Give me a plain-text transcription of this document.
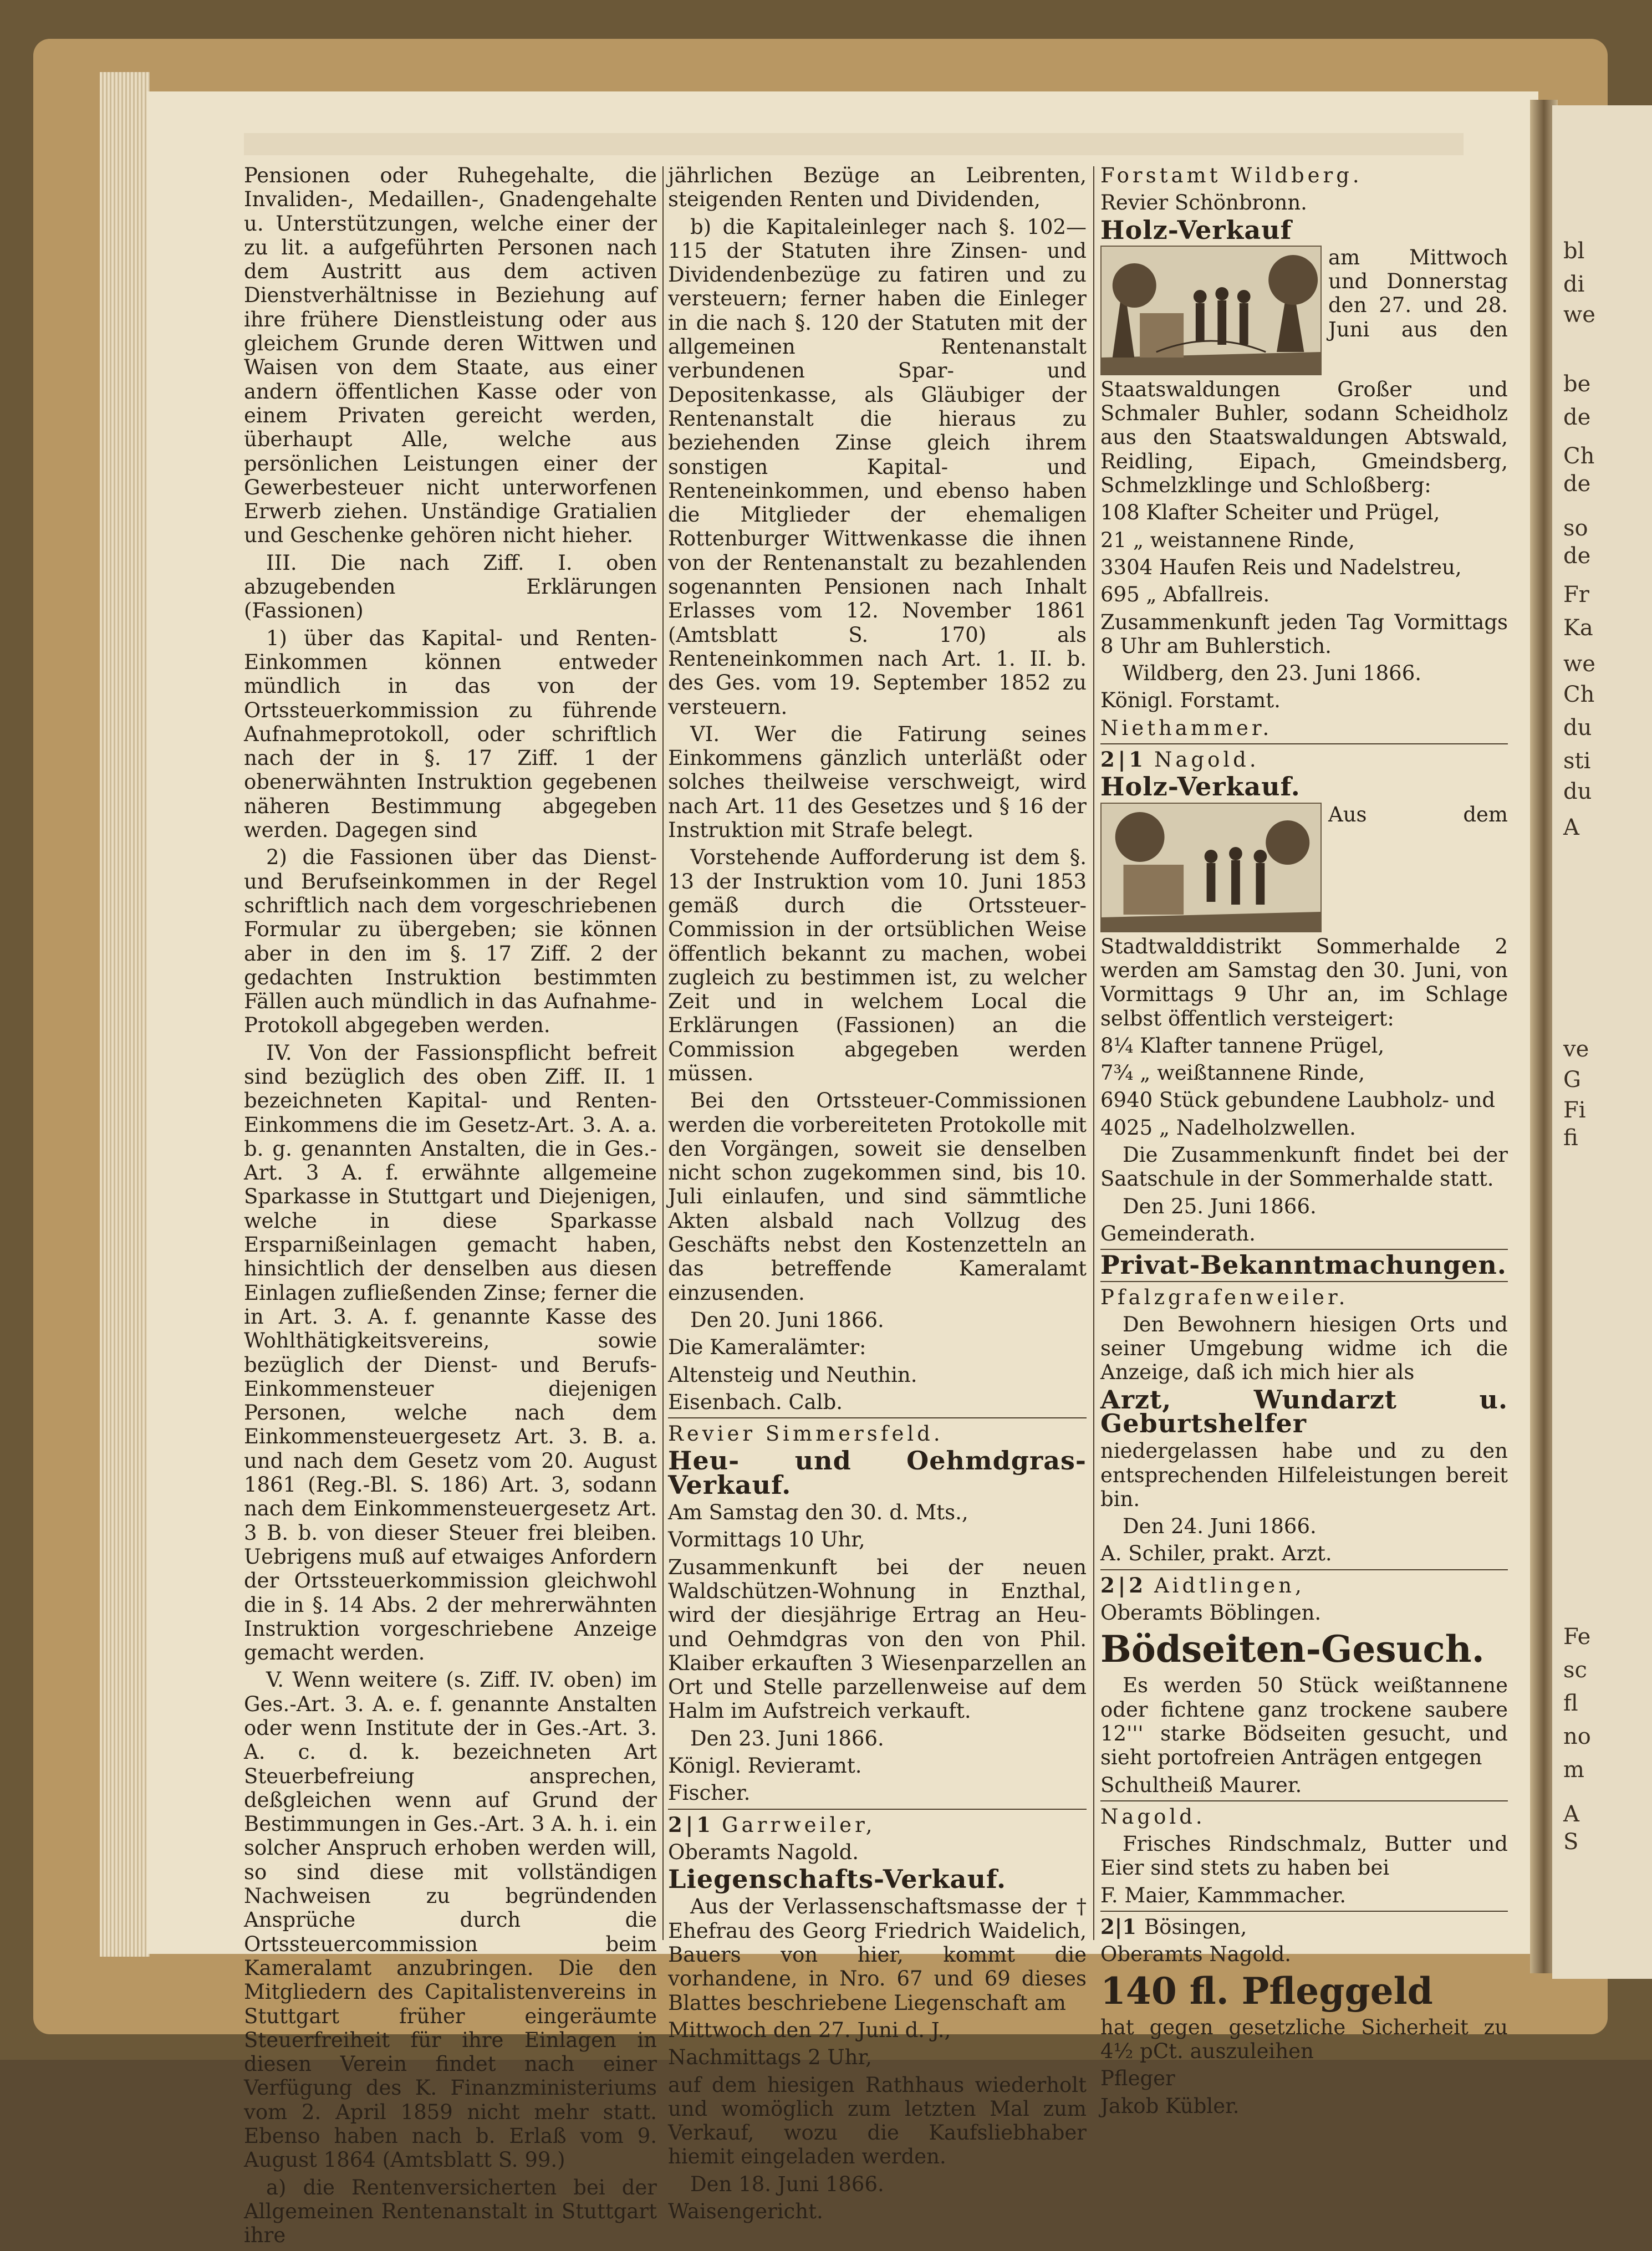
bl
di
we
be
de
Ch
de
so
de
Fr
Ka
we
Ch
du
sti
du
A
ve
G
Fi
fi
Fe
sc
fl
no
m
A
S

Pensionen oder Ruhegehalte, die Invaliden-, Medaillen-, Gnadengehalte u. Unterstützungen, welche einer der zu lit. a aufgeführten Personen nach dem Austritt aus dem activen Dienstverhältnisse in Beziehung auf ihre frühere Dienstleistung oder aus gleichem Grunde deren Wittwen und Waisen von dem Staate, aus einer andern öffentlichen Kasse oder von einem Privaten gereicht werden, überhaupt Alle, welche aus persönlichen Leistungen einer der Gewerbesteuer nicht unterworfenen Erwerb ziehen. Unständige Gratialien und Geschenke gehören nicht hieher.

III. Die nach Ziff. I. oben abzugebenden Erklärungen (Fassionen)

1) über das Kapital- und Renten-Einkommen können entweder mündlich in das von der Ortssteuerkommission zu führende Aufnahmeprotokoll, oder schriftlich nach der in §. 17 Ziff. 1 der obenerwähnten Instruktion gegebenen näheren Bestimmung abgegeben werden. Dagegen sind

2) die Fassionen über das Dienst- und Berufseinkommen in der Regel schriftlich nach dem vorgeschriebenen Formular zu übergeben; sie können aber in den im §. 17 Ziff. 2 der gedachten Instruktion bestimmten Fällen auch mündlich in das Aufnahme-Protokoll abgegeben werden.

IV. Von der Fassionspflicht befreit sind bezüglich des oben Ziff. II. 1 bezeichneten Kapital- und Renten-Einkommens die im Gesetz-Art. 3. A. a. b. g. genannten Anstalten, die in Ges.-Art. 3 A. f. erwähnte allgemeine Sparkasse in Stuttgart und Diejenigen, welche in diese Sparkasse Ersparnißeinlagen gemacht haben, hinsichtlich der denselben aus diesen Einlagen zufließenden Zinse; ferner die in Art. 3. A. f. genannte Kasse des Wohlthätigkeitsvereins, sowie bezüglich der Dienst- und Berufs-Einkommensteuer diejenigen Personen, welche nach dem Einkommensteuergesetz Art. 3. B. a. und nach dem Gesetz vom 20. August 1861 (Reg.-Bl. S. 186) Art. 3, sodann nach dem Einkommensteuergesetz Art. 3 B. b. von dieser Steuer frei bleiben. Uebrigens muß auf etwaiges Anfordern der Ortssteuerkommission gleichwohl die in §. 14 Abs. 2 der mehrerwähnten Instruktion vorgeschriebene Anzeige gemacht werden.

V. Wenn weitere (s. Ziff. IV. oben) im Ges.-Art. 3. A. e. f. genannte Anstalten oder wenn Institute der in Ges.-Art. 3. A. c. d. k. bezeichneten Art Steuerbefreiung ansprechen, deßgleichen wenn auf Grund der Bestimmungen in Ges.-Art. 3 A. h. i. ein solcher Anspruch erhoben werden will, so sind diese mit vollständigen Nachweisen zu begründenden Ansprüche durch die Ortssteuercommission beim Kameralamt anzubringen. Die den Mitgliedern des Capitalistenvereins in Stuttgart früher eingeräumte Steuerfreiheit für ihre Einlagen in diesen Verein findet nach einer Verfügung des K. Finanzministeriums vom 2. April 1859 nicht mehr statt. Ebenso haben nach b. Erlaß vom 9. August 1864 (Amtsblatt S. 99.)

a) die Rentenversicherten bei der Allgemeinen Rentenanstalt in Stuttgart ihre

jährlichen Bezüge an Leibrenten, steigenden Renten und Dividenden,

b) die Kapitaleinleger nach §. 102—115 der Statuten ihre Zinsen- und Dividendenbezüge zu fatiren und zu versteuern; ferner haben die Einleger in die nach §. 120 der Statuten mit der allgemeinen Rentenanstalt verbundenen Spar- und Depositenkasse, als Gläubiger der Rentenanstalt die hieraus zu beziehenden Zinse gleich ihrem sonstigen Kapital- und Renteneinkommen, und ebenso haben die Mitglieder der ehemaligen Rottenburger Wittwenkasse die ihnen von der Rentenanstalt zu bezahlenden sogenannten Pensionen nach Inhalt Erlasses vom 12. November 1861 (Amtsblatt S. 170) als Renteneinkommen nach Art. 1. II. b. des Ges. vom 19. September 1852 zu versteuern.

VI. Wer die Fatirung seines Einkommens gänzlich unterläßt oder solches theilweise verschweigt, wird nach Art. 11 des Gesetzes und § 16 der Instruktion mit Strafe belegt.

Vorstehende Aufforderung ist dem §. 13 der Instruktion vom 10. Juni 1853 gemäß durch die Ortssteuer-Commission in der ortsüblichen Weise öffentlich bekannt zu machen, wobei zugleich zu bestimmen ist, zu welcher Zeit und in welchem Local die Erklärungen (Fassionen) an die Commission abgegeben werden müssen.

Bei den Ortssteuer-Commissionen werden die vorbereiteten Protokolle mit den Vorgängen, soweit sie denselben nicht schon zugekommen sind, bis 10. Juli einlaufen, und sind sämmtliche Akten alsbald nach Vollzug des Geschäfts nebst den Kostenzetteln an das betreffende Kameralamt einzusenden.

Den 20. Juni 1866.

Die Kameralämter:

Altensteig und Neuthin.

Eisenbach. Calb.

Revier Simmersfeld.

Heu- und Oehmdgras-Verkauf.

Am Samstag den 30. d. Mts.,

Vormittags 10 Uhr,

Zusammenkunft bei der neuen Waldschützen-Wohnung in Enzthal, wird der diesjährige Ertrag an Heu- und Oehmdgras von den von Phil. Klaiber erkauften 3 Wiesenparzellen an Ort und Stelle parzellenweise auf dem Halm im Aufstreich verkauft.

Den 23. Juni 1866.

Königl. Revieramt.

Fischer.

2|1 Garrweiler,

Oberamts Nagold.

Liegenschafts-Verkauf.

Aus der Verlassenschaftsmasse der † Ehefrau des Georg Friedrich Waidelich, Bauers von hier, kommt die vorhandene, in Nro. 67 und 69 dieses Blattes beschriebene Liegenschaft am

Mittwoch den 27. Juni d. J.,

Nachmittags 2 Uhr,

auf dem hiesigen Rathhaus wiederholt und womöglich zum letzten Mal zum Verkauf, wozu die Kaufsliebhaber hiemit eingeladen werden.

Den 18. Juni 1866.

Waisengericht.

Forstamt Wildberg.

Revier Schönbronn.

Holz-Verkauf

am Mittwoch und Donnerstag den 27. und 28. Juni aus den Staatswaldungen Großer und Schmaler Buhler, sodann Scheidholz aus den Staatswaldungen Abtswald, Reidling, Eipach, Gmeindsberg, Schmelzklinge und Schloßberg:

108 Klafter Scheiter und Prügel,

21 „ weistannene Rinde,

3304 Haufen Reis und Nadelstreu,

695 „ Abfallreis.

Zusammenkunft jeden Tag Vormittags 8 Uhr am Buhlerstich.

Wildberg, den 23. Juni 1866.

Königl. Forstamt.

Niethammer.

2|1 Nagold.

Holz-Verkauf.

Aus dem Stadtwalddistrikt Sommerhalde 2 werden am Samstag den 30. Juni, von Vormittags 9 Uhr an, im Schlage selbst öffentlich versteigert:

8¼ Klafter tannene Prügel,

7¾ „ weißtannene Rinde,

6940 Stück gebundene Laubholz- und

4025 „ Nadelholzwellen.

Die Zusammenkunft findet bei der Saatschule in der Sommerhalde statt.

Den 25. Juni 1866.

Gemeinderath.

Privat-Bekanntmachungen.

Pfalzgrafenweiler.

Den Bewohnern hiesigen Orts und seiner Umgebung widme ich die Anzeige, daß ich mich hier als

Arzt, Wundarzt u. Geburtshelfer

niedergelassen habe und zu den entsprechenden Hilfeleistungen bereit bin.

Den 24. Juni 1866.

A. Schiler, prakt. Arzt.

2|2 Aidtlingen,

Oberamts Böblingen.

Bödseiten-Gesuch.

Es werden 50 Stück weißtannene oder fichtene ganz trockene saubere 12''' starke Bödseiten gesucht, und sieht portofreien Anträgen entgegen

Schultheiß Maurer.

Nagold.

Frisches Rindschmalz, Butter und Eier sind stets zu haben bei

F. Maier, Kammmacher.

2|1 Bösingen,

Oberamts Nagold.

140 fl. Pfleggeld

hat gegen gesetzliche Sicherheit zu 4½ pCt. auszuleihen

Pfleger

Jakob Kübler.
